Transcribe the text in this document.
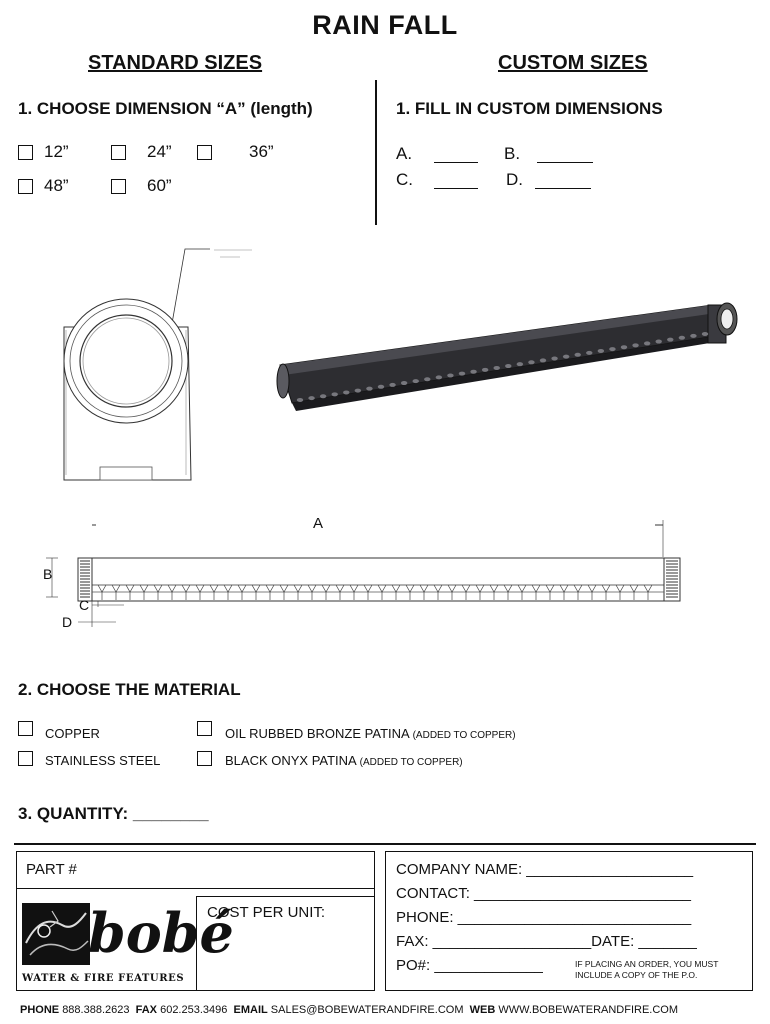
RAIN FALL
STANDARD SIZES
1. CHOOSE DIMENSION “A” (length)
12”	24”	36”
48”	60”
CUSTOM SIZES
1. FILL IN CUSTOM DIMENSIONS
A.	B.
C.	D.
A
B
C
D
2. CHOOSE THE MATERIAL
COPPER	OIL RUBBED BRONZE PATINA (ADDED TO COPPER)
STAINLESS STEEL	BLACK ONYX PATINA (ADDED TO COPPER)
3. QUANTITY: ________
PART #
COST PER UNIT:
bobé
WATER & FIRE FEATURES
COMPANY NAME: ____________________
CONTACT: __________________________
PHONE: ____________________________
FAX: ___________________DATE: _______
PO#: _____________	IF PLACING AN ORDER, YOU MUST
INCLUDE A COPY OF THE P.O.
PHONE 888.388.2623 FAX 602.253.3496 EMAIL SALES@BOBEWATERANDFIRE.COM WEB WWW.BOBEWATERANDFIRE.COM
